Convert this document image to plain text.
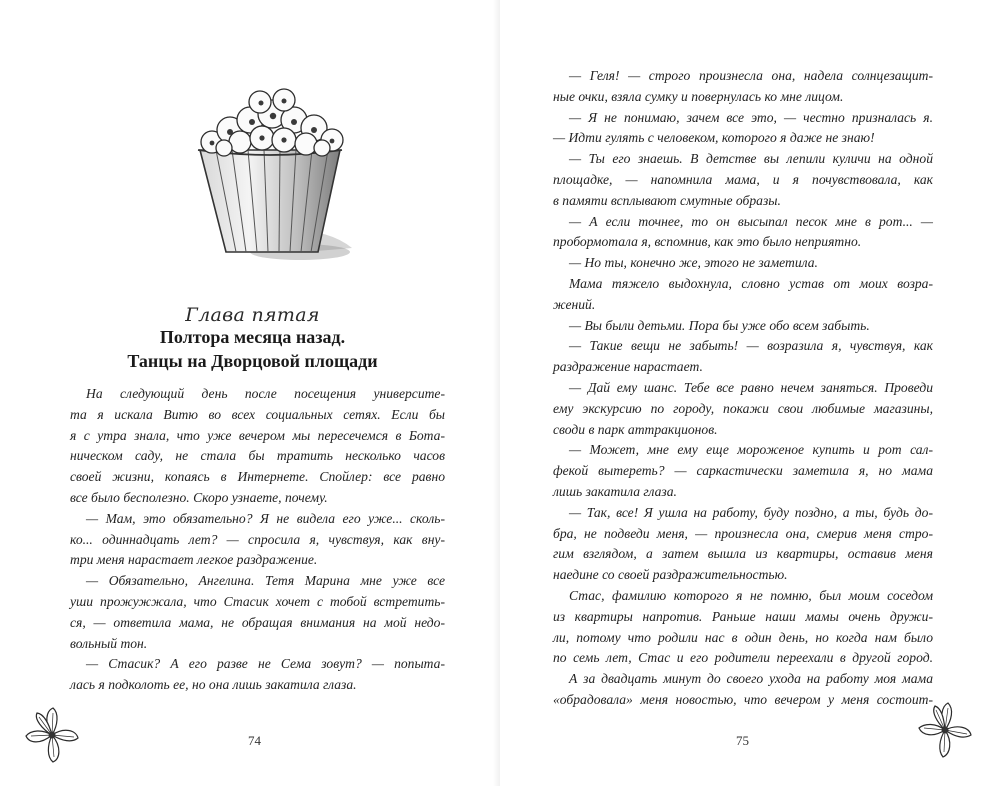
Глава пятая
Полтора месяца назад.
Танцы на Дворцовой площади

На следующий день после посещения университе-

та я искала Витю во всех социальных сетях. Если бы

я с утра знала, что уже вечером мы пересечемся в Бота-

ническом саду, не стала бы тратить несколько часов

своей жизни, копаясь в Интернете. Спойлер: все равно

все было бесполезно. Скоро узнаете, почему.

— Мам, это обязательно? Я не видела его уже... сколь-

ко... одиннадцать лет? — спросила я, чувствуя, как вну-

три меня нарастает легкое раздражение.

— Обязательно, Ангелина. Тетя Марина мне уже все

уши прожужжала, что Стасик хочет с тобой встретить-

ся, — ответила мама, не обращая внимания на мой недо-

вольный тон.

— Стасик? А его разве не Сема зовут? — попыта-

лась я подколоть ее, но она лишь закатила глаза.

74

— Геля! — строго произнесла она, надела солнцезащит-

ные очки, взяла сумку и повернулась ко мне лицом.

— Я не понимаю, зачем все это, — честно призналась я.

— Идти гулять с человеком, которого я даже не знаю!

— Ты его знаешь. В детстве вы лепили куличи на одной

площадке, — напомнила мама, и я почувствовала, как

в памяти всплывают смутные образы.

— А если точнее, то он высыпал песок мне в рот... —

пробормотала я, вспомнив, как это было неприятно.

— Но ты, конечно же, этого не заметила.

Мама тяжело выдохнула, словно устав от моих возра-

жений.

— Вы были детьми. Пора бы уже обо всем забыть.

— Такие вещи не забыть! — возразила я, чувствуя, как

раздражение нарастает.

— Дай ему шанс. Тебе все равно нечем заняться. Проведи

ему экскурсию по городу, покажи свои любимые магазины,

своди в парк аттракционов.

— Может, мне ему еще мороженое купить и рот сал-

фекой вытереть? — саркастически заметила я, но мама

лишь закатила глаза.

— Так, все! Я ушла на работу, буду поздно, а ты, будь до-

бра, не подведи меня, — произнесла она, смерив меня стро-

гим взглядом, а затем вышла из квартиры, оставив меня

наедине со своей раздражительностью.

Стас, фамилию которого я не помню, был моим соседом

из квартиры напротив. Раньше наши мамы очень дружи-

ли, потому что родили нас в один день, но когда нам было

по семь лет, Стас и его родители переехали в другой город.

А за двадцать минут до своего ухода на работу моя мама

«обрадовала» меня новостью, что вечером у меня состоит-

75
